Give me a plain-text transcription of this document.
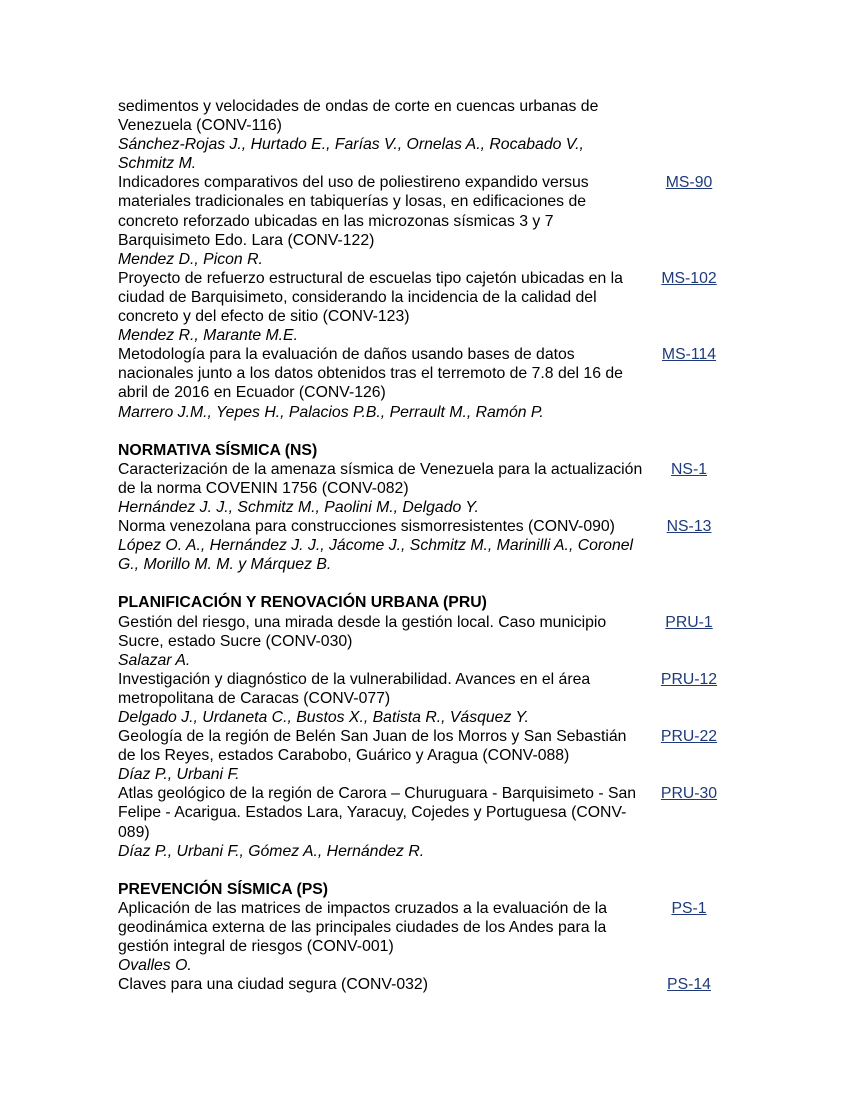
sedimentos y velocidades de ondas de corte en cuencas urbanas de Venezuela (CONV-116)

Sánchez-Rojas J., Hurtado E., Farías V., Ornelas A., Rocabado V., Schmitz M.

Indicadores comparativos del uso de poliestireno expandido versus materiales tradicionales en tabiquerías y losas, en edificaciones de concreto reforzado ubicadas en las microzonas sísmicas 3 y 7 Barquisimeto Edo. Lara (CONV-122)

Mendez D., Picon R.

MS-90

Proyecto de refuerzo estructural de escuelas tipo cajetón ubicadas en la ciudad de Barquisimeto, considerando la incidencia de la calidad del concreto y del efecto de sitio (CONV-123)

Mendez R., Marante M.E.

MS-102

Metodología para la evaluación de daños usando bases de datos nacionales junto a los datos obtenidos tras el terremoto de 7.8 del 16 de abril de 2016 en Ecuador (CONV-126)

Marrero J.M., Yepes H., Palacios P.B., Perrault M., Ramón P.

MS-114
NORMATIVA SÍSMICA (NS)

Caracterización de la amenaza sísmica de Venezuela para la actualización de la norma COVENIN 1756 (CONV-082)

Hernández J. J., Schmitz M., Paolini M., Delgado Y.

NS-1

Norma venezolana para construcciones sismorresistentes (CONV-090)

López O. A., Hernández J. J., Jácome J., Schmitz M., Marinilli A., Coronel G., Morillo M. M. y Márquez B.

NS-13
PLANIFICACIÓN Y RENOVACIÓN URBANA (PRU)

Gestión del riesgo, una mirada desde la gestión local. Caso municipio Sucre, estado Sucre (CONV-030)

Salazar A.

PRU-1

Investigación y diagnóstico de la vulnerabilidad. Avances en el área metropolitana de Caracas (CONV-077)

Delgado J., Urdaneta C., Bustos X., Batista R., Vásquez Y.

PRU-12

Geología de la región de Belén San Juan de los Morros y San Sebastián de los Reyes, estados Carabobo, Guárico y Aragua (CONV-088)

Díaz P., Urbani F.

PRU-22

Atlas geológico de la región de Carora – Churuguara - Barquisimeto - San Felipe - Acarigua. Estados Lara, Yaracuy, Cojedes y Portuguesa (CONV-089)

Díaz P., Urbani F., Gómez A., Hernández R.

PRU-30
PREVENCIÓN SÍSMICA (PS)

Aplicación de las matrices de impactos cruzados a la evaluación de la geodinámica externa de las principales ciudades de los Andes para la gestión integral de riesgos (CONV-001)

Ovalles O.

PS-1

Claves para una ciudad segura (CONV-032)	PS-14
